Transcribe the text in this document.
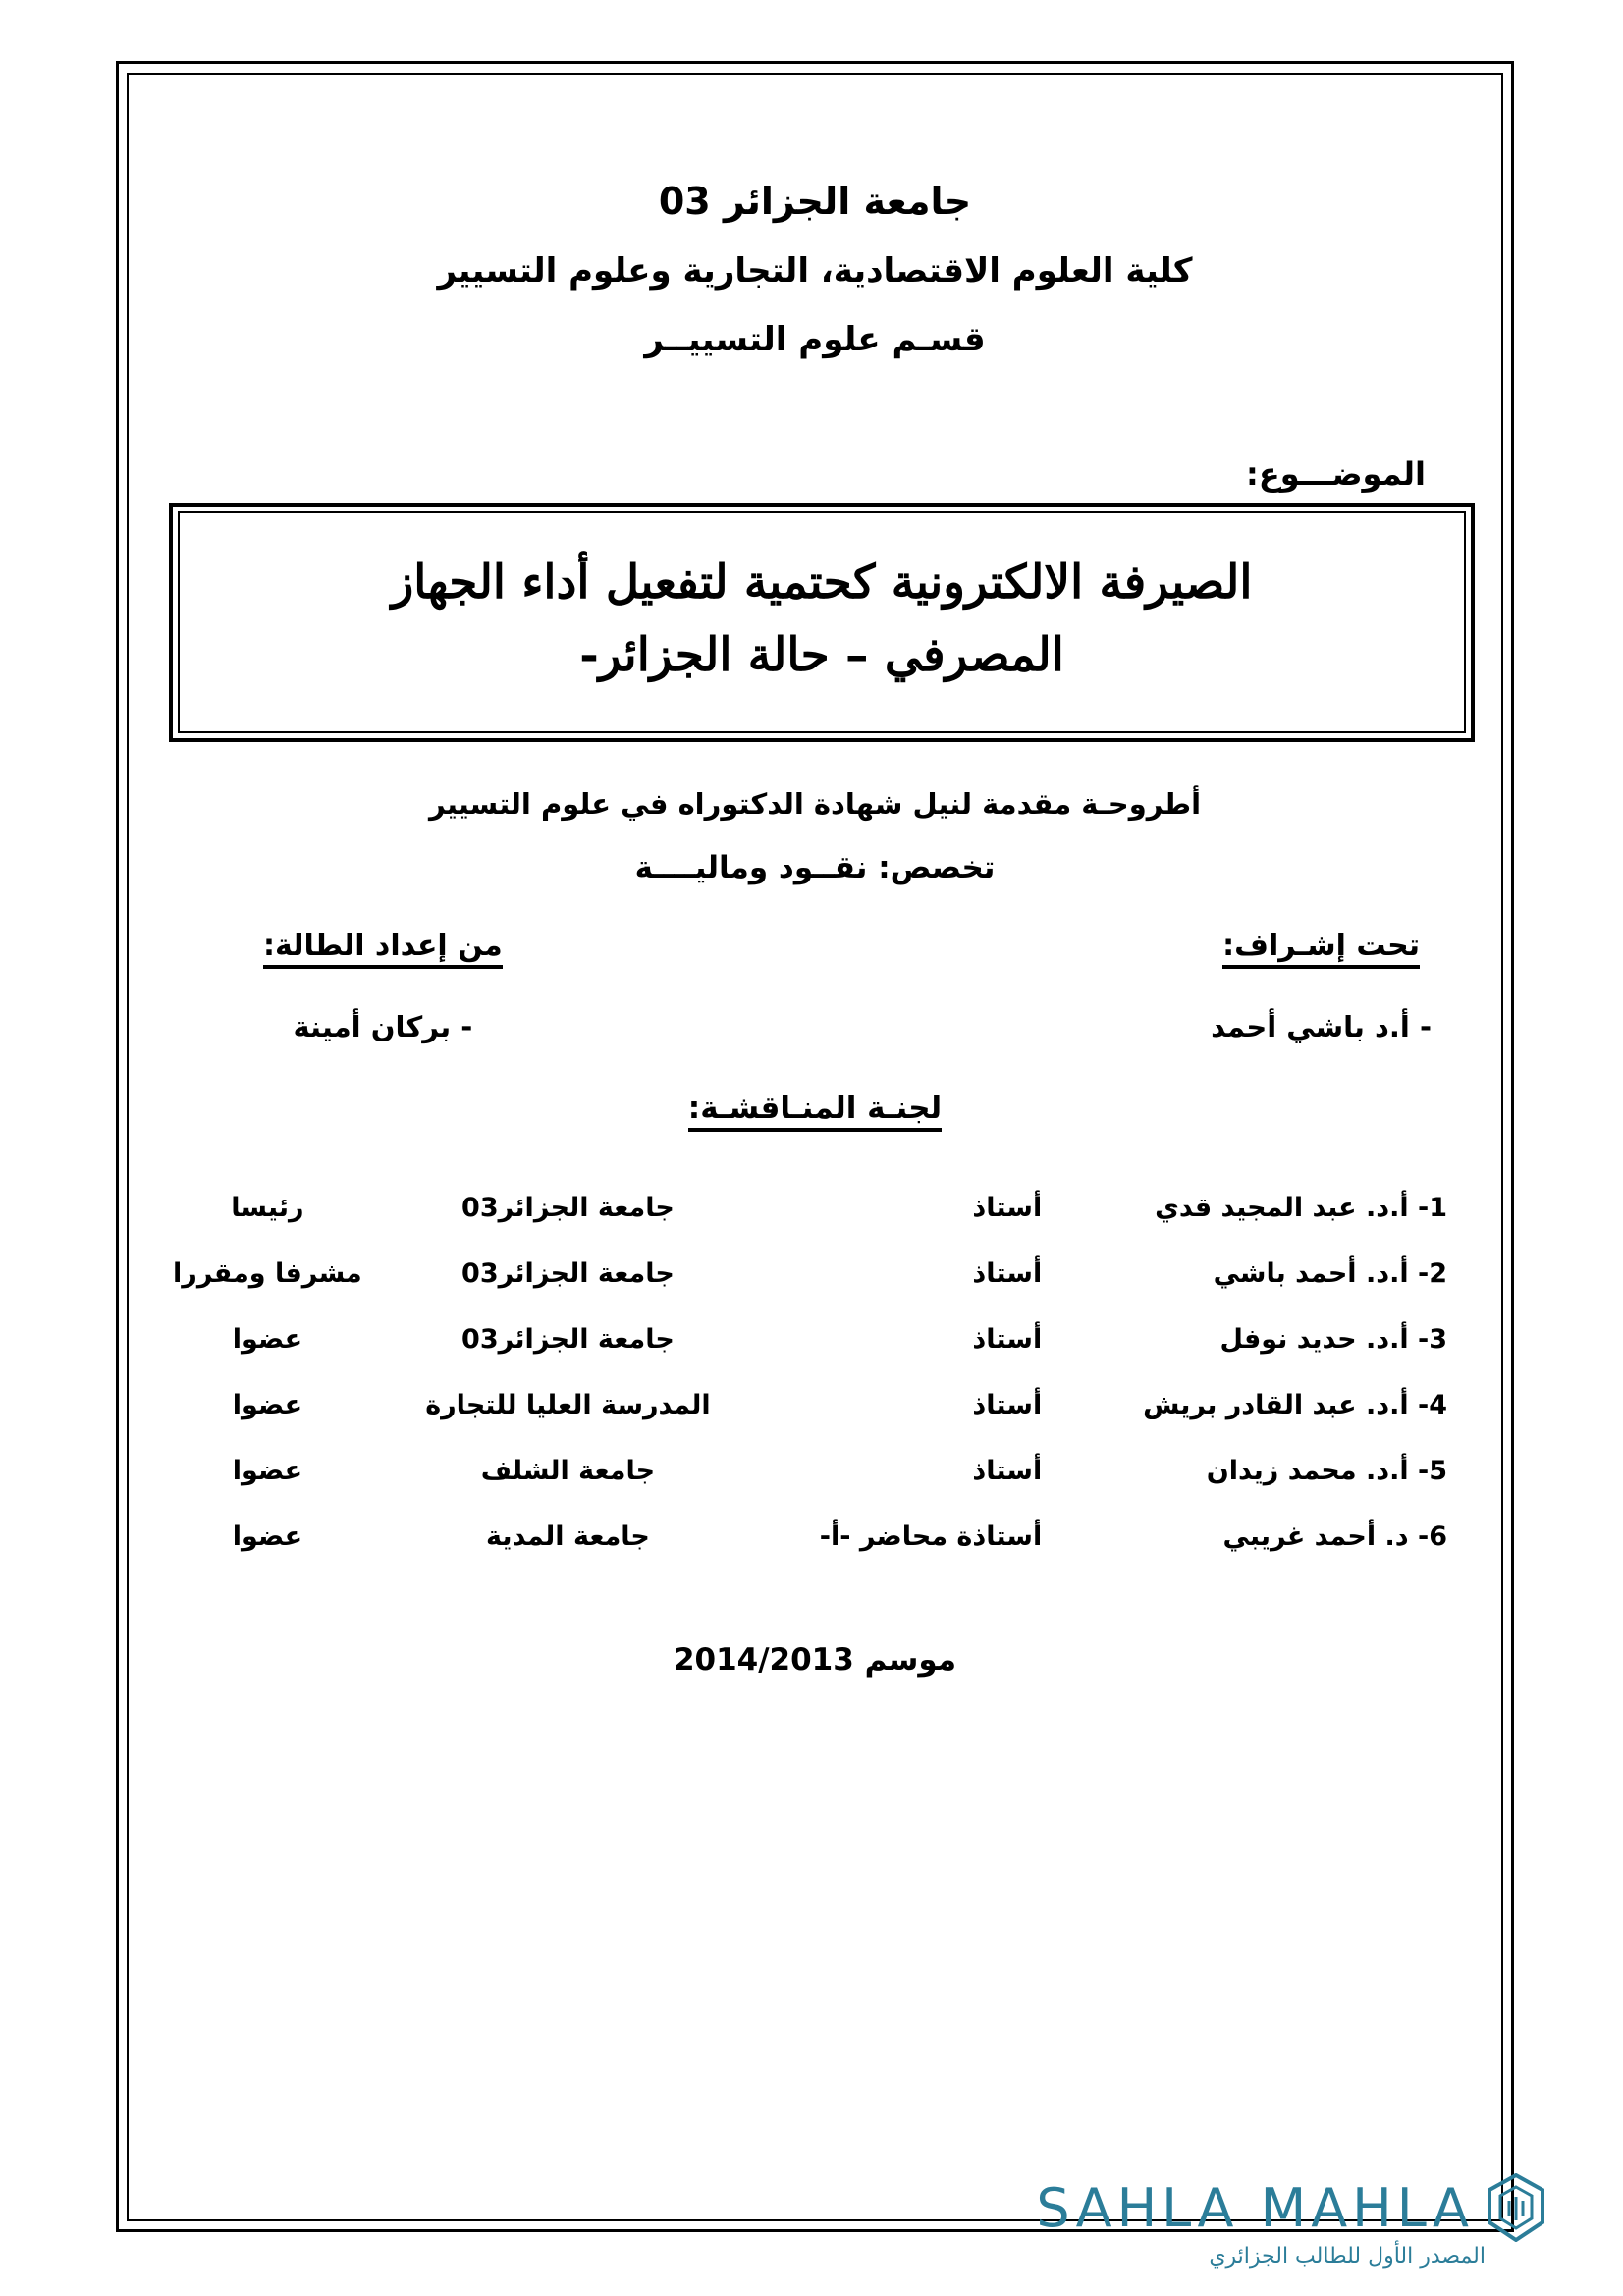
جامعة الجزائر 03
كلية العلوم الاقتصادية، التجارية وعلوم التسيير
قسـم علوم التسييــر
الموضـــوع:
الصيرفة الالكترونية كحتمية لتفعيل أداء الجهاز
المصرفي – حالة الجزائر-
أطروحـة مقدمة لنيل شهادة الدكتوراه في علوم التسيير
تخصص: نقــود وماليــــة
من إعداد الطالة:
- بركان أمينة
تحت إشـراف:
- أ.د باشي أحمد
لجنـة المنـاقشـة:
1- أ.د. عبد المجيد قدي	أستاذ	جامعة الجزائر03	رئيسا
2- أ.د. أحمد باشي	أستاذ	جامعة الجزائر03	مشرفا ومقررا
3- أ.د. حديد نوفل	أستاذ	جامعة الجزائر03	عضوا
4- أ.د. عبد القادر بريش	أستاذ	المدرسة العليا للتجارة	عضوا
5- أ.د. محمد زيدان	أستاذ	جامعة الشلف	عضوا
6- د. أحمد غريبي	أستاذة محاضر -أ-	جامعة المدية	عضوا
موسم 2014/2013
SAHLA MAHLA
المصدر الأول للطالب الجزائري
